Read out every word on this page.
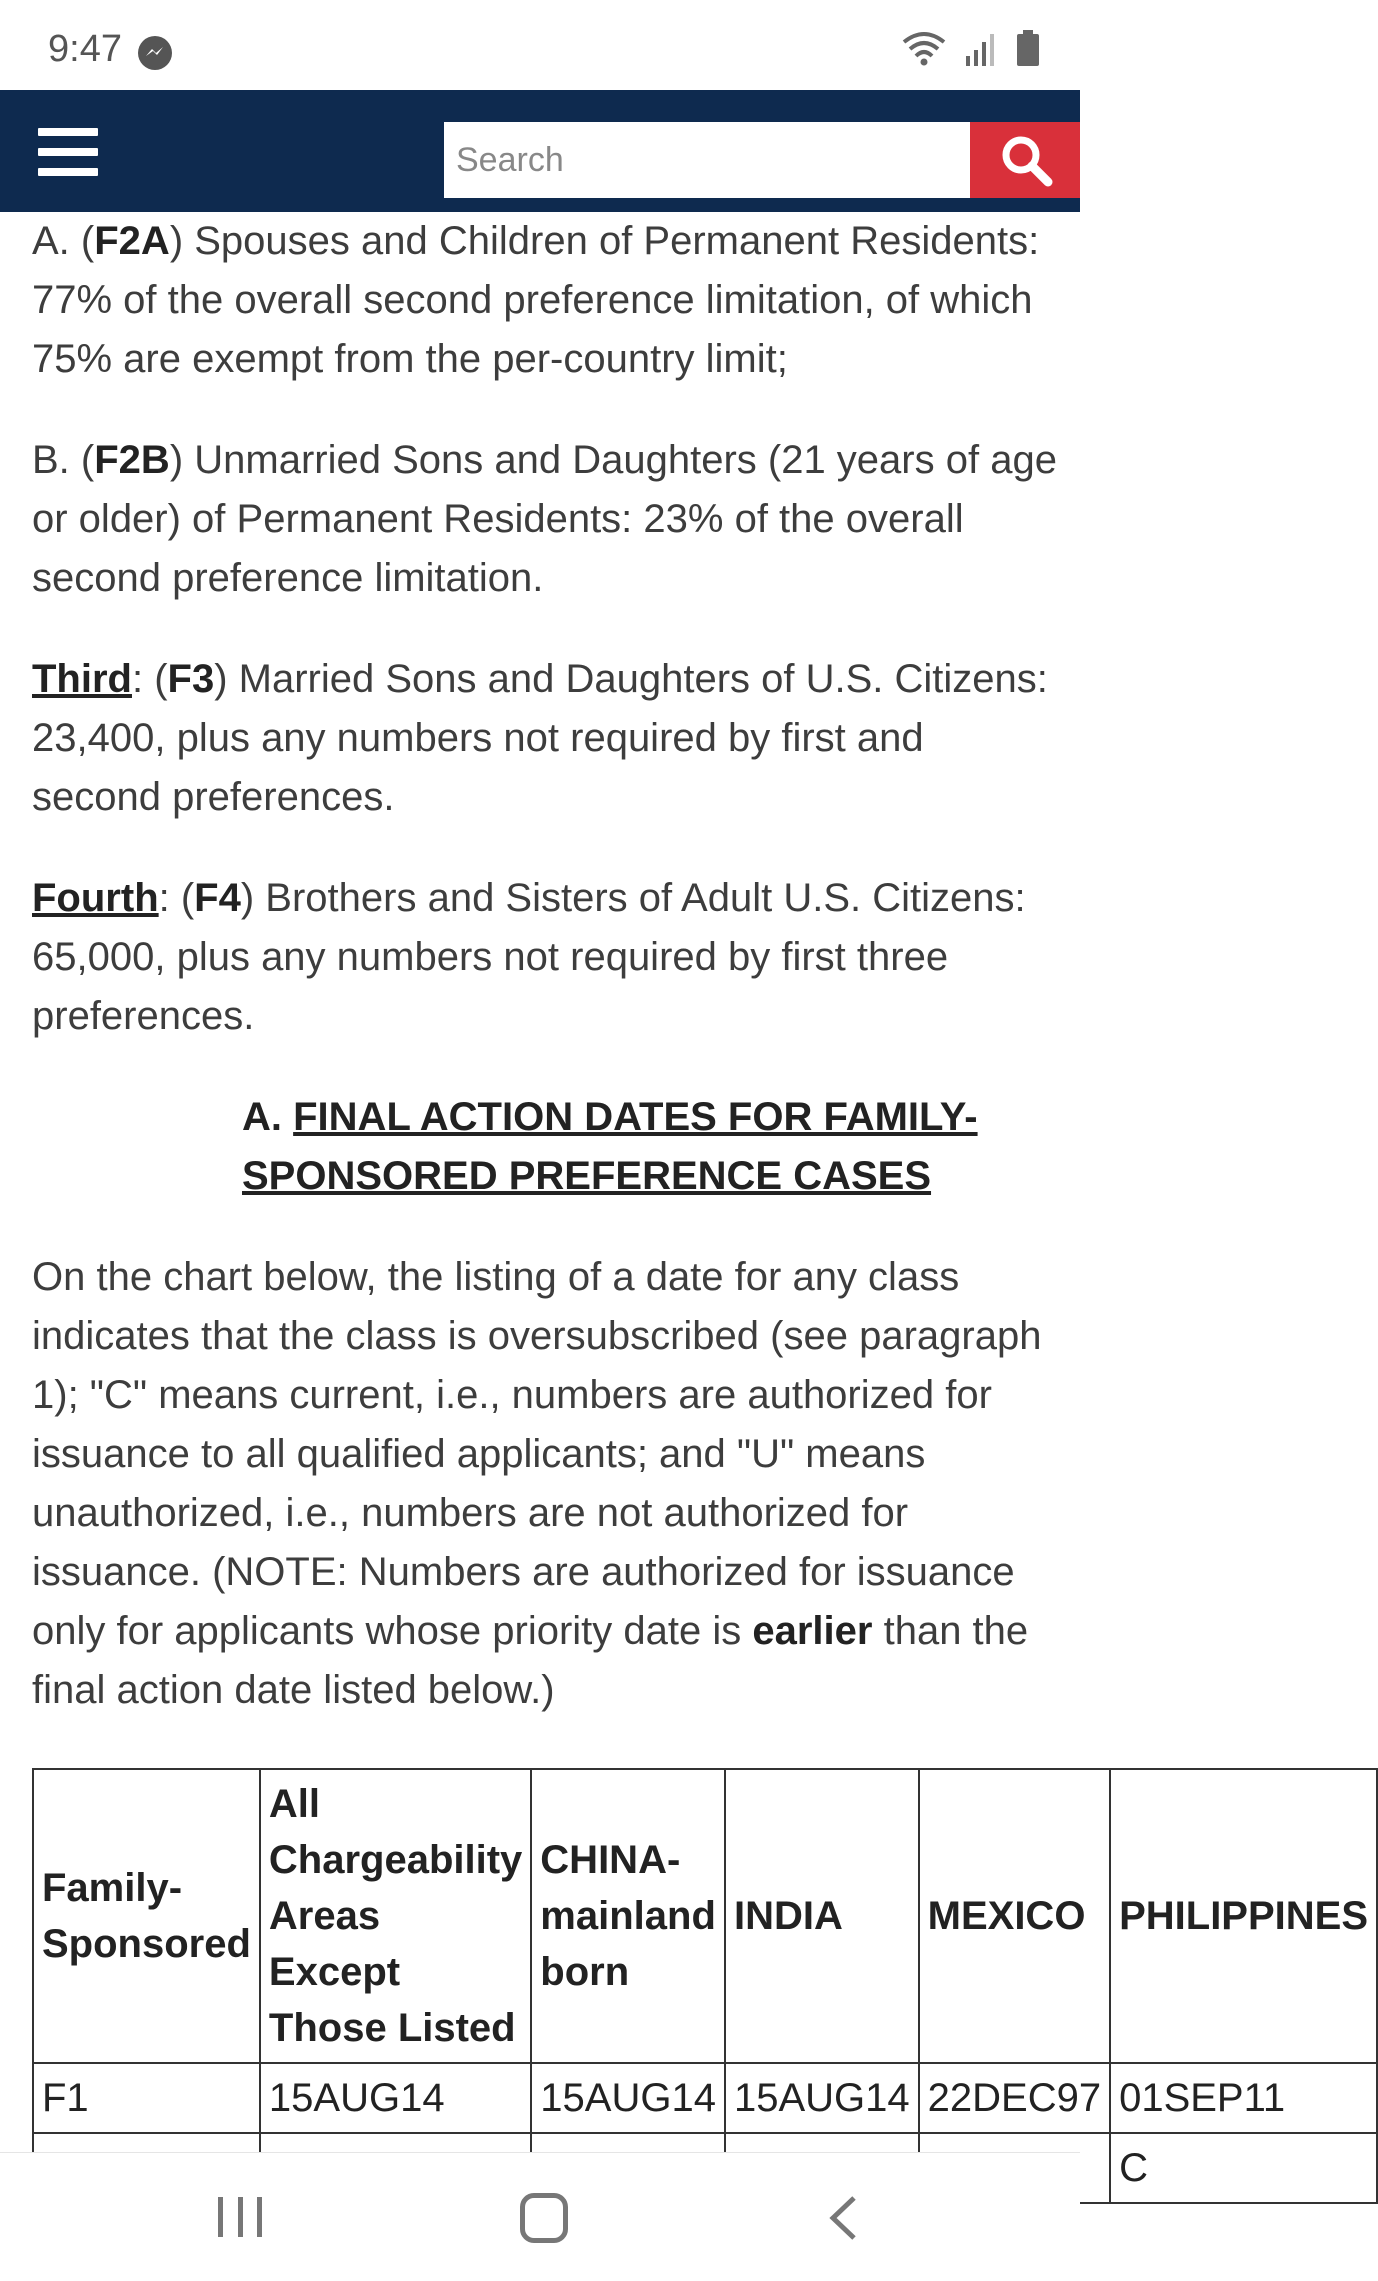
9:47
Search

A. (F2A) Spouses and Children of Permanent Residents: 77% of the overall second preference limitation, of which 75% are exempt from the per-country limit;

B. (F2B) Unmarried Sons and Daughters (21 years of age or older) of Permanent Residents: 23% of the overall second preference limitation.

Third: (F3) Married Sons and Daughters of U.S. Citizens: 23,400, plus any numbers not required by first and second preferences.

Fourth: (F4) Brothers and Sisters of Adult U.S. Citizens: 65,000, plus any numbers not required by first three preferences.

A. FINAL ACTION DATES FOR FAMILY-SPONSORED PREFERENCE CASES

On the chart below, the listing of a date for any class indicates that the class is oversubscribed (see paragraph 1); "C" means current, i.e., numbers are authorized for issuance to all qualified applicants; and "U" means unauthorized, i.e., numbers are not authorized for issuance. (NOTE: Numbers are authorized for issuance only for applicants whose priority date is earlier than the final action date listed below.)

Family-Sponsored	All Chargeability Areas Except Those Listed	CHINA-mainland born	INDIA	MEXICO	PHILIPPINES
F1	15AUG14	15AUG14	15AUG14	22DEC97	01SEP11
					C
